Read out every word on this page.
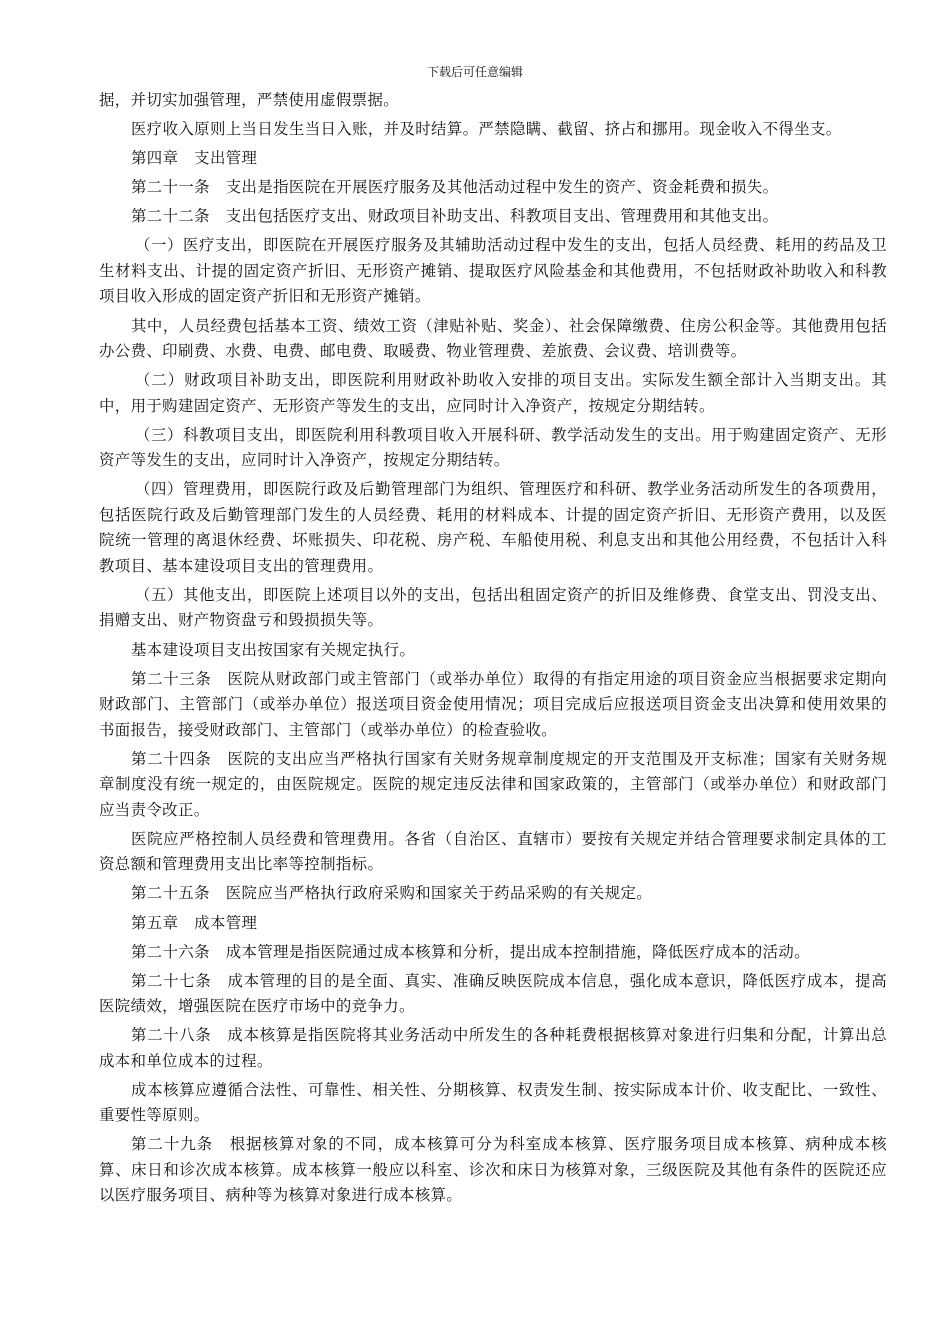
下载后可任意编辑

据，并切实加强管理，严禁使用虚假票据。

医疗收入原则上当日发生当日入账，并及时结算。严禁隐瞒、截留、挤占和挪用。现金收入不得坐支。

第四章　支出管理

第二十一条　支出是指医院在开展医疗服务及其他活动过程中发生的资产、资金耗费和损失。

第二十二条　支出包括医疗支出、财政项目补助支出、科教项目支出、管理费用和其他支出。

（一）医疗支出，即医院在开展医疗服务及其辅助活动过程中发生的支出，包括人员经费、耗用的药品及卫生材料支出、计提的固定资产折旧、无形资产摊销、提取医疗风险基金和其他费用，不包括财政补助收入和科教项目收入形成的固定资产折旧和无形资产摊销。

其中，人员经费包括基本工资、绩效工资（津贴补贴、奖金）、社会保障缴费、住房公积金等。其他费用包括办公费、印刷费、水费、电费、邮电费、取暖费、物业管理费、差旅费、会议费、培训费等。

（二）财政项目补助支出，即医院利用财政补助收入安排的项目支出。实际发生额全部计入当期支出。其中，用于购建固定资产、无形资产等发生的支出，应同时计入净资产，按规定分期结转。

（三）科教项目支出，即医院利用科教项目收入开展科研、教学活动发生的支出。用于购建固定资产、无形资产等发生的支出，应同时计入净资产，按规定分期结转。

（四）管理费用，即医院行政及后勤管理部门为组织、管理医疗和科研、教学业务活动所发生的各项费用，包括医院行政及后勤管理部门发生的人员经费、耗用的材料成本、计提的固定资产折旧、无形资产费用，以及医院统一管理的离退休经费、坏账损失、印花税、房产税、车船使用税、利息支出和其他公用经费，不包括计入科教项目、基本建设项目支出的管理费用。

（五）其他支出，即医院上述项目以外的支出，包括出租固定资产的折旧及维修费、食堂支出、罚没支出、捐赠支出、财产物资盘亏和毁损损失等。

基本建设项目支出按国家有关规定执行。

第二十三条　医院从财政部门或主管部门（或举办单位）取得的有指定用途的项目资金应当根据要求定期向财政部门、主管部门（或举办单位）报送项目资金使用情况；项目完成后应报送项目资金支出决算和使用效果的书面报告，接受财政部门、主管部门（或举办单位）的检查验收。

第二十四条　医院的支出应当严格执行国家有关财务规章制度规定的开支范围及开支标准；国家有关财务规章制度没有统一规定的，由医院规定。医院的规定违反法律和国家政策的，主管部门（或举办单位）和财政部门应当责令改正。

医院应严格控制人员经费和管理费用。各省（自治区、直辖市）要按有关规定并结合管理要求制定具体的工资总额和管理费用支出比率等控制指标。

第二十五条　医院应当严格执行政府采购和国家关于药品采购的有关规定。

第五章　成本管理

第二十六条　成本管理是指医院通过成本核算和分析，提出成本控制措施，降低医疗成本的活动。

第二十七条　成本管理的目的是全面、真实、准确反映医院成本信息，强化成本意识，降低医疗成本，提高医院绩效，增强医院在医疗市场中的竞争力。

第二十八条　成本核算是指医院将其业务活动中所发生的各种耗费根据核算对象进行归集和分配，计算出总成本和单位成本的过程。

成本核算应遵循合法性、可靠性、相关性、分期核算、权责发生制、按实际成本计价、收支配比、一致性、重要性等原则。

第二十九条　根据核算对象的不同，成本核算可分为科室成本核算、医疗服务项目成本核算、病种成本核算、床日和诊次成本核算。成本核算一般应以科室、诊次和床日为核算对象，三级医院及其他有条件的医院还应以医疗服务项目、病种等为核算对象进行成本核算。
